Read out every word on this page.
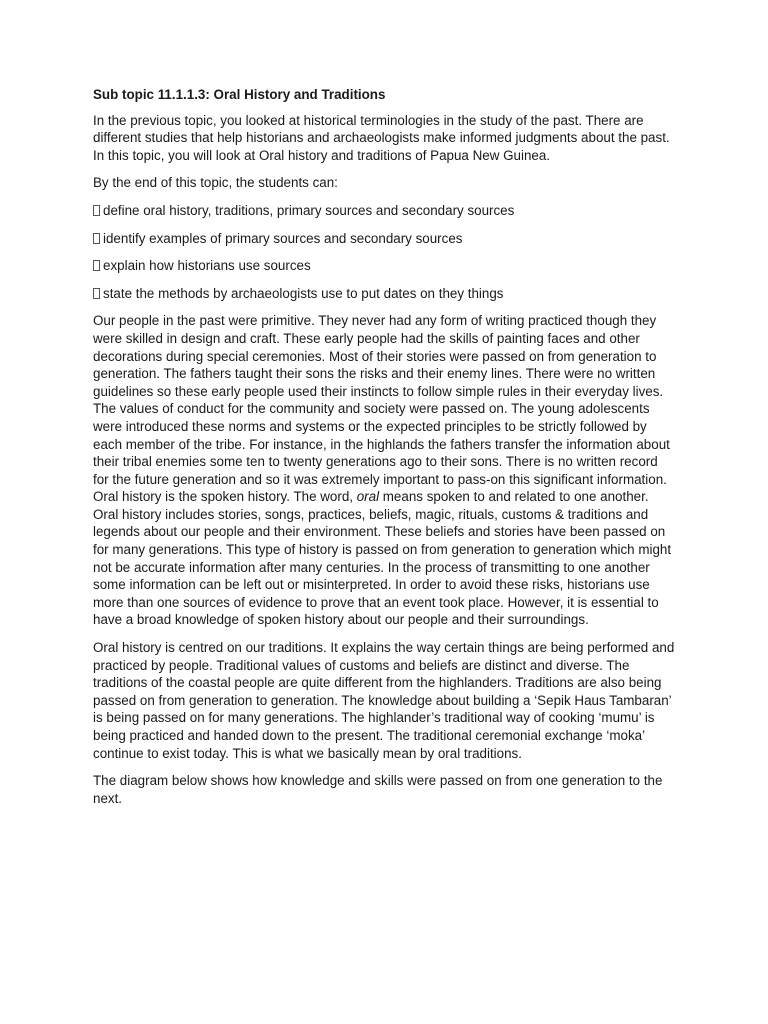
Sub topic 11.1.1.3: Oral History and Traditions

In the previous topic, you looked at historical terminologies in the study of the past. There are different studies that help historians and archaeologists make informed judgments about the past. In this topic, you will look at Oral history and traditions of Papua New Guinea.

By the end of this topic, the students can:

define oral history, traditions, primary sources and secondary sources
identify examples of primary sources and secondary sources
explain how historians use sources
state the methods by archaeologists use to put dates on they things

Our people in the past were primitive. They never had any form of writing practiced though they were skilled in design and craft. These early people had the skills of painting faces and other decorations during special ceremonies. Most of their stories were passed on from generation to generation. The fathers taught their sons the risks and their enemy lines. There were no written guidelines so these early people used their instincts to follow simple rules in their everyday lives.

The values of conduct for the community and society were passed on. The young adolescents were introduced these norms and systems or the expected principles to be strictly followed by each member of the tribe. For instance, in the highlands the fathers transfer the information about their tribal enemies some ten to twenty generations ago to their sons. There is no written record for the future generation and so it was extremely important to pass-on this significant information.

Oral history is the spoken history. The word, oral means spoken to and related to one another. Oral history includes stories, songs, practices, beliefs, magic, rituals, customs & traditions and legends about our people and their environment. These beliefs and stories have been passed on for many generations. This type of history is passed on from generation to generation which might not be accurate information after many centuries. In the process of transmitting to one another some information can be left out or misinterpreted. In order to avoid these risks, historians use more than one sources of evidence to prove that an event took place. However, it is essential to have a broad knowledge of spoken history about our people and their surroundings.

Oral history is centred on our traditions. It explains the way certain things are being performed and practiced by people. Traditional values of customs and beliefs are distinct and diverse. The traditions of the coastal people are quite different from the highlanders. Traditions are also being passed on from generation to generation. The knowledge about building a ‘Sepik Haus Tambaran’ is being passed on for many generations. The highlander’s traditional way of cooking ‘mumu’ is being practiced and handed down to the present. The traditional ceremonial exchange ‘moka’ continue to exist today. This is what we basically mean by oral traditions.

The diagram below shows how knowledge and skills were passed on from one generation to the next.
